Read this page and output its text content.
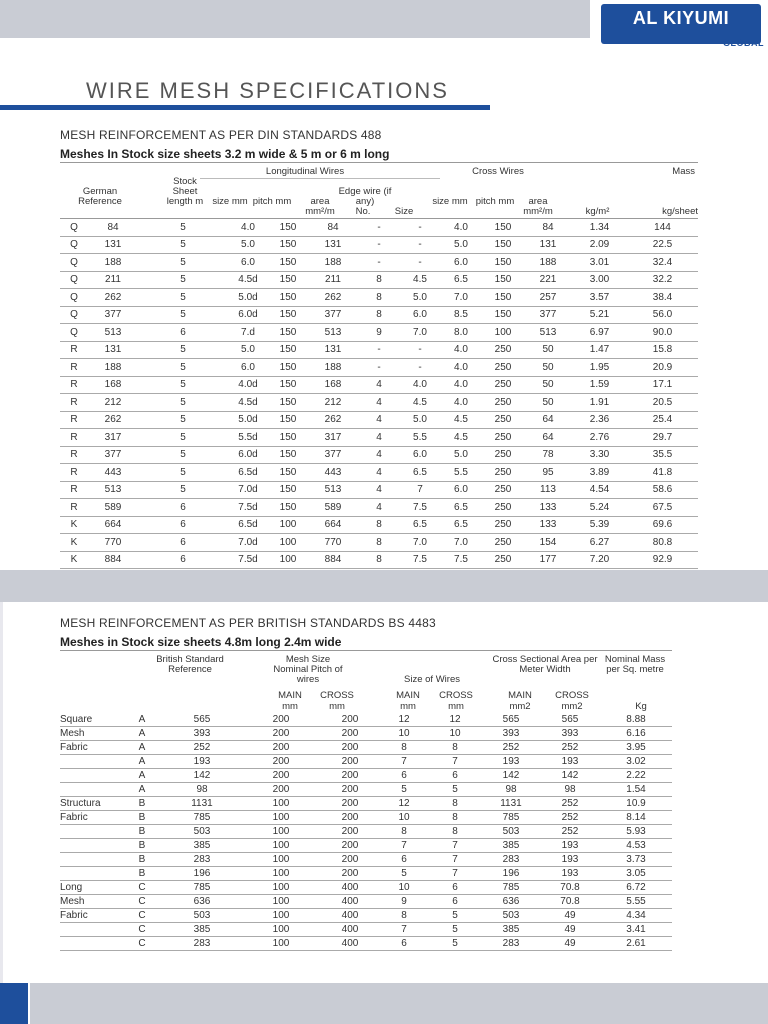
AL KIYUMI
GLOBAL
WIRE MESH SPECIFICATIONS
MESH REINFORCEMENT AS PER DIN STANDARDS 488
Meshes In Stock size sheets 3.2 m wide & 5 m or 6 m long
Longitudinal Wires	Cross Wires	Mass
German Reference
Stock Sheet length m size mm pitch mm	area mm²/m
Edge wire (if any)
No.	Size
size mm pitch mm	area mm²/m	kg/m²	kg/sheet
Q	84	5	4.0	150	84	-	-	4.0	150	84	1.34	144
Q	131	5	5.0	150	131	-	-	5.0	150	131	2.09	22.5
Q	188	5	6.0	150	188	-	-	6.0	150	188	3.01	32.4
Q	211	5	4.5d	150	211	8	4.5	6.5	150	221	3.00	32.2
Q	262	5	5.0d	150	262	8	5.0	7.0	150	257	3.57	38.4
Q	377	5	6.0d	150	377	8	6.0	8.5	150	377	5.21	56.0
Q	513	6	7.d	150	513	9	7.0	8.0	100	513	6.97	90.0
R	131	5	5.0	150	131	-	-	4.0	250	50	1.47	15.8
R	188	5	6.0	150	188	-	-	4.0	250	50	1.95	20.9
R	168	5	4.0d	150	168	4	4.0	4.0	250	50	1.59	17.1
R	212	5	4.5d	150	212	4	4.5	4.0	250	50	1.91	20.5
R	262	5	5.0d	150	262	4	5.0	4.5	250	64	2.36	25.4
R	317	5	5.5d	150	317	4	5.5	4.5	250	64	2.76	29.7
R	377	5	6.0d	150	377	4	6.0	5.0	250	78	3.30	35.5
R	443	5	6.5d	150	443	4	6.5	5.5	250	95	3.89	41.8
R	513	5	7.0d	150	513	4	7	6.0	250	113	4.54	58.6
R	589	6	7.5d	150	589	4	7.5	6.5	250	133	5.24	67.5
K	664	6	6.5d	100	664	8	6.5	6.5	250	133	5.39	69.6
K	770	6	7.0d	100	770	8	7.0	7.0	250	154	6.27	80.8
K	884	6	7.5d	100	884	8	7.5	7.5	250	177	7.20	92.9
MESH REINFORCEMENT AS PER BRITISH STANDARDS BS 4483
Meshes in Stock size sheets 4.8m long 2.4m wide
British Standard Reference
Mesh Size Nominal Pitch of wires	Size of Wires
Cross Sectional Area per Meter Width
Nominal Mass per Sq. metre
MAIN	CROSS	MAIN	CROSS	MAIN	CROSS
mm	mm	mm	mm	mm2	mm2	Kg
Square	A	565	200	200	12	12	565	565	8.88
Mesh	A	393	200	200	10	10	393	393	6.16
Fabric	A	252	200	200	8	8	252	252	3.95
	A	193	200	200	7	7	193	193	3.02
	A	142	200	200	6	6	142	142	2.22
	A	98	200	200	5	5	98	98	1.54
Structura	B	1131	100	200	12	8	1131	252	10.9
Fabric	B	785	100	200	10	8	785	252	8.14
	B	503	100	200	8	8	503	252	5.93
	B	385	100	200	7	7	385	193	4.53
	B	283	100	200	6	7	283	193	3.73
	B	196	100	200	5	7	196	193	3.05
Long	C	785	100	400	10	6	785	70.8	6.72
Mesh	C	636	100	400	9	6	636	70.8	5.55
Fabric	C	503	100	400	8	5	503	49	4.34
	C	385	100	400	7	5	385	49	3.41
	C	283	100	400	6	5	283	49	2.61
